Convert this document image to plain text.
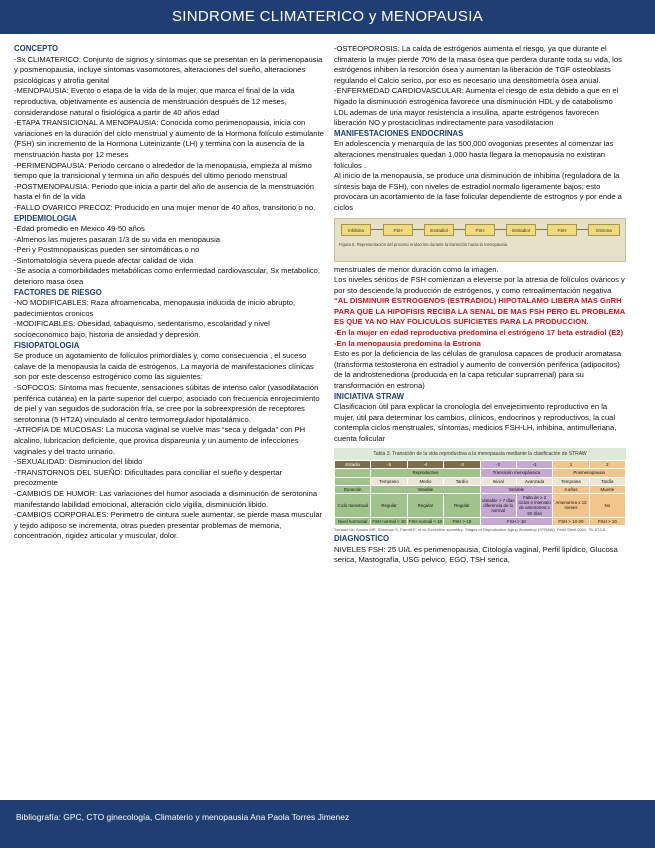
SINDROME CLIMATERICO y MENOPAUSIA
CONCEPTO
-Sx CLIMATERICO: Conjunto de signos y síntomas que se presentan en la perimenopausia y posmenopausia, incluye síntomas vasomotores, alteraciones del sueño, alteraciones psicológicas y atrofia genital
-MENOPAUSIA: Evento o etapa de la vida de la mujer, que marca el final de la vida reproductiva, objetivamente es ausencia de menstruación después de 12 meses, considerandose natural o fisiológica a partir de 40 años edad
-ETAPA TRANSICIONAL A MENOPAUSIA: Conocida como perimenopausia, inicia con variaciones en la duración del ciclo menstrual y aumento de la Hormona folículo estimulante (FSH) sin incremento de la Hormona Luteinizante (LH) y termina con la ausencia de la menstruación hasta por 12 meses
-PERIMENOPAUSIA: Periodo cercano o alrededor de la menopausia, empieza al mismo tiempo que la transicional y termina un año después del ultimo periodo menstrual
-POSTMENOPAUSIA: Periodo que inicia a partir del año de ausencia de la menstruación hasta el fin de la vida
-FALLO OVARICO PRECOZ: Producido en una mujer menor de 40 años, transitorio o no.
EPIDEMIOLOGIA
-Edad promedio en Mexico 49-50 años
-Almenos las mujeres pasaran 1/3 de su vida en menopausia
-Peri y Postmnopausicas pueden ser sintomáticas o no
-Sintomatología severa puede afectar calidad de vida
-Se asocia a comorbilidades metabólicas como enfermedad cardiovascular, Sx metabolico, deterioro masa ósea
FACTORES DE RIESGO
-NO MODIFICABLES: Raza afroamericaba, menopausia inducida de inicio abrupto, padecimientos cronicos
-MODIFICABLES: Obesidad, tabaquismo, sedentarismo, escolaridad y nivel socioeconomico bajo, historia de ansiedad y depresión.
FISIOPATOLOGIA
Se produce un agotamiento de folículos primordiales y, como consecuencia , el suceso calave de la menopausia la caida de estrógenos. La mayoría de manifestaciones clínicas son por este descenso estrogénico como las siguientes:
-SOFOCOS: Síntoma mas frecuente, sensaciones súbitas de intenso calor (vasodilatación periférica cutánea) en la parte superior del cuerpo, asociado con frecuencia enrojecimiento de piel y van seguidos de sudoración fría, se cree por la sobreexpresión de receptores serotonina (5 HT2A) vinculado al centro termorregulador hipotalámico.
-ATROFIA DE MUCOSAS: La mucosa vaginal se vuelve mas “seca y delgada” con PH alcalino, lubricacion deficiente, que provica dispareunia y un aumento de infecciones vaginales y del tracto urinario.
-SEXUALIDAD: Disminucion del libido
-TRANSTORNOS DEL SUEÑO: Dificultades para conciliar el sueño y despertar precozmente
-CAMBIOS DE HUMOR: Las variaciones del humor asociada a disminución de serotonina manifestando labilidad emocional, alteración ciclo vigilia, disminución libido.
-CAMBIOS CORPORALES: Perimetro de cintura suele aumentar, se pierde masa muscular y tejido adiposo se incrementa, otras pueden presentar problemas de memoria, concentración, rigidez articular y muscular, dolor.
-OSTEOPOROSIS: La caída de estrógenos aumenta el riesgo, ya que durante el climaterio la mujer pierde 70% de la masa ósea que perdera durante toda su vida, los estrógenos inhiben la resorción ósea y aumentan la liberación de TGF osteoblasts regulando el Calcio serico, por eso es necesario una densitometría ósea anual.
-ENFERMEDAD CARDIOVASCULAR: Aumenta el riesgo de esta debido a que en el higado la disminución estrogénica favorece una disminución HDL y de catabolismo LDL ademas de una mayor resistencia a insulina, aparte estrógenos favorecen liberación NO y prostaciclinas indirectamente para vasodilatacion
MANIFESTACIONES ENDOCRINAS
En adolescencia y menarquía de las 500,000 ovogonias presentes al comenzar las alteraciones menstruales quedan 1,000 hasta llegara la menopausia no existiran folículos .
Al inicio de la menopausia, se produce una disminución de inhibina (reguladora de la síntesis baja de FSH), con niveles de estradiol normalo ligeramente bajos; esto provocara un acortamiento de la fase folicular dependiente de estrognos y por ende a ciclos
Inhibina	FSH	Estradiol	FSH	Estradiol	FSH	Estrona
Figura 5. Representación del proceso endocrino durante la transición hacia la menopausia.
menstruales de menor duración como la imagen.
Los niveles séricos de FSH comienzan a eleverse por la atresia de folículos ováricos y por sto desciende la producción de estrógenos, y como retroalimentación negativa
“AL DISMINUIR ESTROGENOS (ESTRADIOL) HIPOTALAMO LIBERA MAS GnRH PARA QUE LA HIPOFISIS RECIBA LA SENAL DE MAS FSH PERO EL PROBLEMA ES QUE YA NO HAY FOLICULOS SUFICIETES PARA LA PRODUCCION.
-En la mujer en edad reproductiva predomina el estrógeno 17 beta estradiol (E2)
-En la menopausia predomina la Estrona
Esto es por la deficiencia de las células de granulosa capaces de producir aromatasa (transforma testosterona en estradiol y aumento de conversión periferica (adipocitos) de la androstenediona (producida en la capa reticular suprarrenal) para su transformación en estrona)
INICIATIVA STRAW
Clasificacion útil para explicar la cronología del envejecimiento reproductivo en la mujer, útil para determinar los cambios, clínicos, endocrinos y reproductivos, la cual contempla ciclos menstruales, síntomas, medicios FSH-LH, inhibina, antimulleriana, cuenta folicular
Tabla 3. Transición de la vida reproductiva a la menopausia mediante la clasificación de STRAW
Estadio	-5	-4	-3	-2	-1	1	2
	Reproductivo			Transición menopáusica		Posmenopausia	
	Temprano	Medio	Tardío	Inicial	Avanzada	Temprana	Tardía
Duración	Variable			Variable		4 años	Muerte
Ciclo menstrual	Regular	Regular	Regular	Variable > 7 días diferencia de lo normal	Falta de ≥ 2 ciclos e intervalo de amenorrea ≥ 60 días	Amenorrea x 12 meses	No
Nivel hormonal	FSH normal < 10	FSH normal < 10	FSH > 10	FSH > 10		FSH > 10-30	FSH > 10
Tomado de: Soules MR, Sherman S, Parrott E, et al. Executive summary: Stages of Reproductive Aging Workshop (STRAW). Fertil Steril 2001; 76: 874-8.
DIAGNOSTICO
NIVELES FSH: 25 UI/L es perimenopausia, Citología vaginal, Perfil lipídico, Glucosa serica, Mastografía, USG pelvico, EGO, TSH serica,
Bibliografía: GPC, CTO ginecología, Climaterio y menopausia Ana Paola Torres Jimenez
